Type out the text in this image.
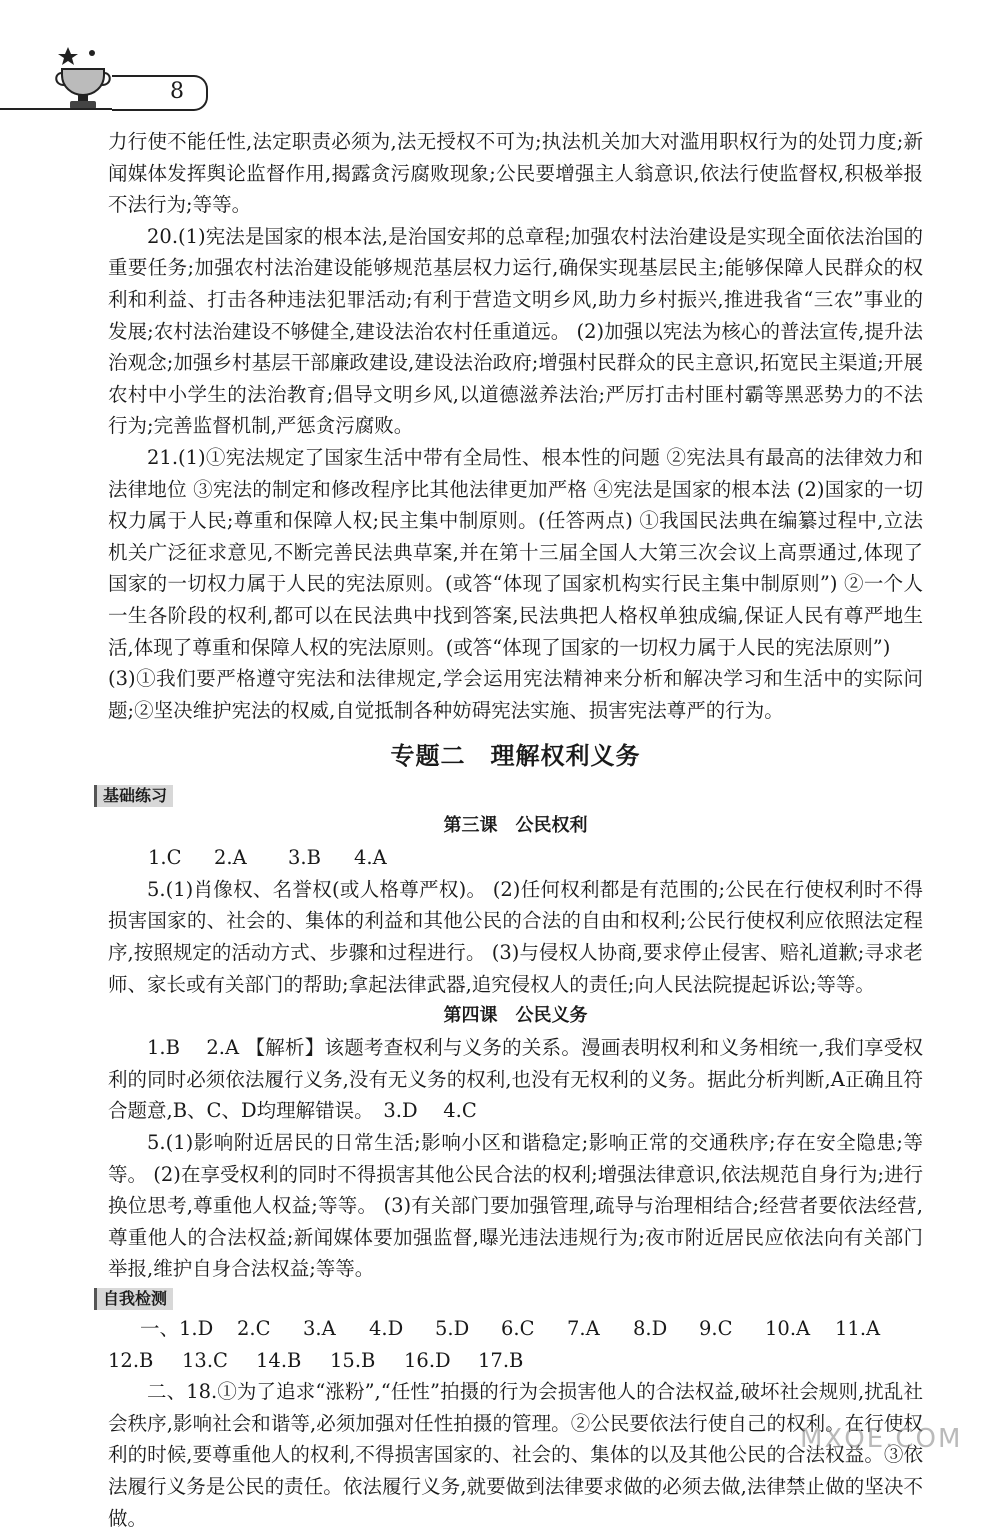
8

力行使不能任性,法定职责必须为,法无授权不可为;执法机关加大对滥用职权行为的处罚力度;新闻媒体发挥舆论监督作用,揭露贪污腐败现象;公民要增强主人翁意识,依法行使监督权,积极举报不法行为;等等。

20.(1)宪法是国家的根本法,是治国安邦的总章程;加强农村法治建设是实现全面依法治国的重要任务;加强农村法治建设能够规范基层权力运行,确保实现基层民主;能够保障人民群众的权利和利益、打击各种违法犯罪活动;有利于营造文明乡风,助力乡村振兴,推进我省“三农”事业的发展;农村法治建设不够健全,建设法治农村任重道远。 (2)加强以宪法为核心的普法宣传,提升法治观念;加强乡村基层干部廉政建设,建设法治政府;增强村民群众的民主意识,拓宽民主渠道;开展农村中小学生的法治教育;倡导文明乡风,以道德滋养法治;严厉打击村匪村霸等黑恶势力的不法行为;完善监督机制,严惩贪污腐败。

21.(1)①宪法规定了国家生活中带有全局性、根本性的问题 ②宪法具有最高的法律效力和法律地位 ③宪法的制定和修改程序比其他法律更加严格 ④宪法是国家的根本法 (2)国家的一切权力属于人民;尊重和保障人权;民主集中制原则。(任答两点) ①我国民法典在编纂过程中,立法机关广泛征求意见,不断完善民法典草案,并在第十三届全国人大第三次会议上高票通过,体现了国家的一切权力属于人民的宪法原则。(或答“体现了国家机构实行民主集中制原则”) ②一个人一生各阶段的权利,都可以在民法典中找到答案,民法典把人格权单独成编,保证人民有尊严地生活,体现了尊重和保障人权的宪法原则。(或答“体现了国家的一切权力属于人民的宪法原则”)

(3)①我们要严格遵守宪法和法律规定,学会运用宪法精神来分析和解决学习和生活中的实际问题;②坚决维护宪法的权威,自觉抵制各种妨碍宪法实施、损害宪法尊严的行为。

专题二　理解权利义务
基础练习
第三课　公民权利
1.C	2.A	3.B	4.A

5.(1)肖像权、名誉权(或人格尊严权)。 (2)任何权利都是有范围的;公民在行使权利时不得损害国家的、社会的、集体的利益和其他公民的合法的自由和权利;公民行使权利应依照法定程序,按照规定的活动方式、步骤和过程进行。 (3)与侵权人协商,要求停止侵害、赔礼道歉;寻求老师、家长或有关部门的帮助;拿起法律武器,追究侵权人的责任;向人民法院提起诉讼;等等。

第四课　公民义务

1.B　 2.A 【解析】该题考查权利与义务的关系。漫画表明权利和义务相统一,我们享受权利的同时必须依法履行义务,没有无义务的权利,也没有无权利的义务。据此分析判断,A正确且符合题意,B、C、D均理解错误。　3.D　 4.C

5.(1)影响附近居民的日常生活;影响小区和谐稳定;影响正常的交通秩序;存在安全隐患;等等。 (2)在享受权利的同时不得损害其他公民合法的权利;增强法律意识,依法规范自身行为;进行换位思考,尊重他人权益;等等。 (3)有关部门要加强管理,疏导与治理相结合;经营者要依法经营,尊重他人的合法权益;新闻媒体要加强监督,曝光违法违规行为;夜市附近居民应依法向有关部门举报,维护自身合法权益;等等。

自我检测
一、1.D	2.C	3.A	4.D	5.D	6.C	7.A	8.D	9.C	10.A	11.A
12.B	13.C	14.B	15.B	16.D	17.B

二、18.①为了追求“涨粉”,“任性”拍摄的行为会损害他人的合法权益,破坏社会规则,扰乱社会秩序,影响社会和谐等,必须加强对任性拍摄的管理。②公民要依法行使自己的权利。在行使权利的时候,要尊重他人的权利,不得损害国家的、社会的、集体的以及其他公民的合法权益。③依法履行义务是公民的责任。依法履行义务,就要做到法律要求做的必须去做,法律禁止做的坚决不做。

MXQE.COM
